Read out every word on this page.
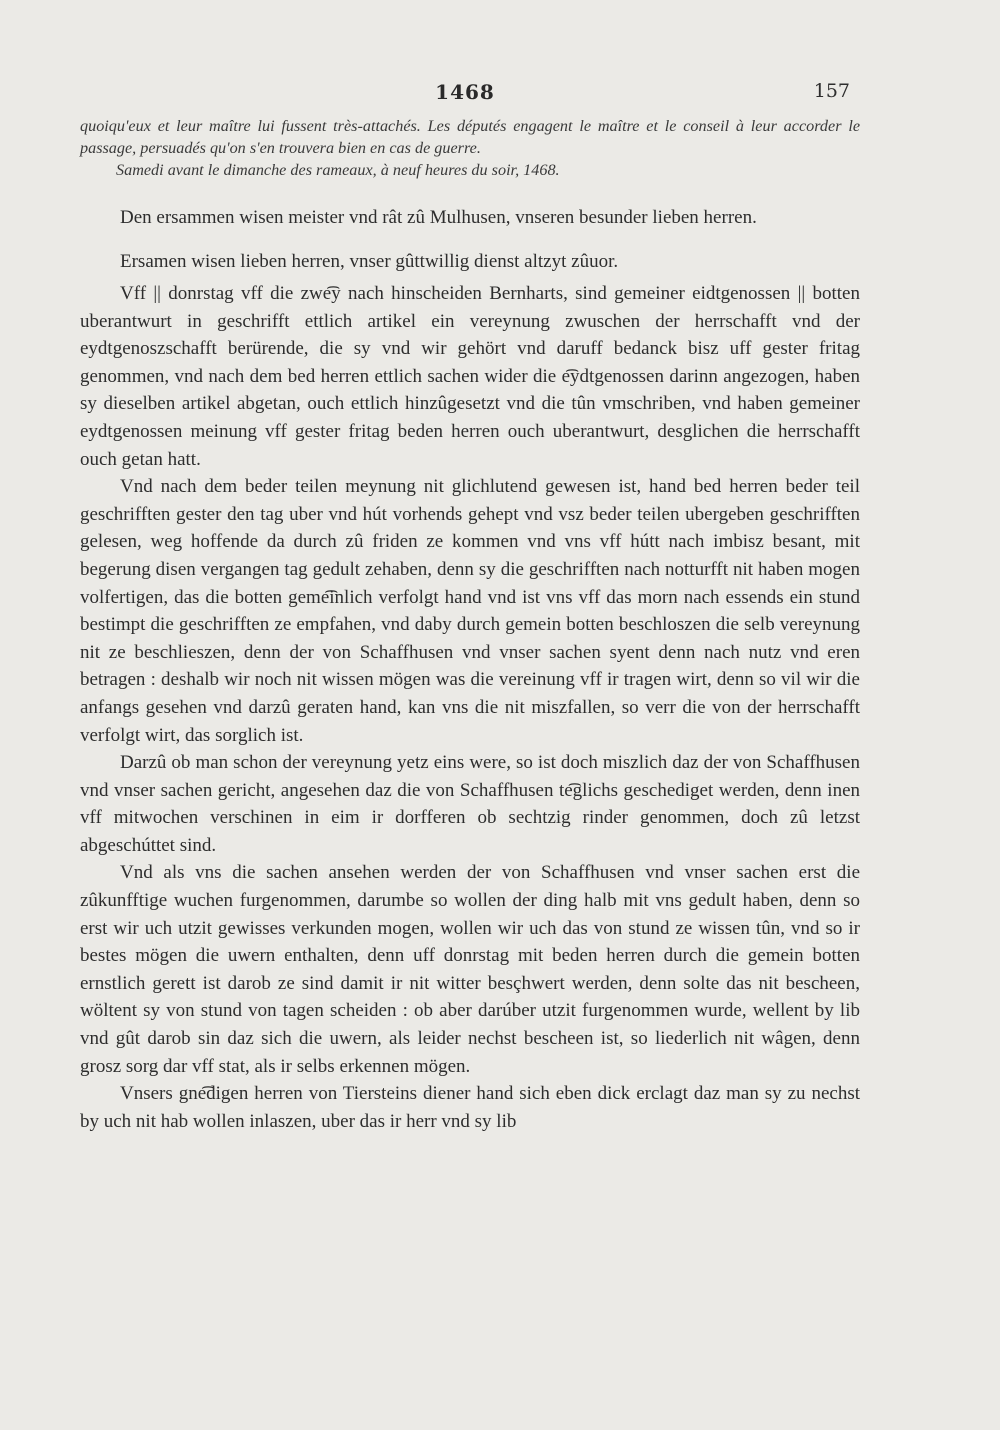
1468	157

quoiqu'eux et leur maître lui fussent très-attachés. Les députés engagent le maître et le conseil à leur accorder le passage, persuadés qu'on s'en trouvera bien en cas de guerre.

Samedi avant le dimanche des rameaux, à neuf heures du soir, 1468.

Den ersammen wisen meister vnd rât zû Mulhusen, vnseren besunder lieben herren.

Ersamen wisen lieben herren, vnser gûttwillig dienst altzyt zûuor.

Vff || donrstag vff die zwe͡y nach hinscheiden Bernharts, sind gemeiner eidtgenossen || botten uberantwurt in geschrifft ettlich artikel ein vereynung zwuschen der herrschafft vnd der eydtgenoszschafft berürende, die sy vnd wir gehört vnd daruff bedanck bisz uff gester fritag genommen, vnd nach dem bed herren ettlich sachen wider die e͡ydtgenossen darinn angezogen, haben sy dieselben artikel abgetan, ouch ettlich hinzûgesetzt vnd die tûn vmschriben, vnd haben gemeiner eydtgenossen meinung vff gester fritag beden herren ouch uberantwurt, desglichen die herrschafft ouch getan hatt.

Vnd nach dem beder teilen meynung nit glichlutend gewesen ist, hand bed herren beder teil geschrifften gester den tag uber vnd hút vorhends gehept vnd vsz beder teilen ubergeben geschrifften gelesen, weg hoffende da durch zû friden ze kommen vnd vns vff hútt nach imbisz besant, mit begerung disen vergangen tag gedult zehaben, denn sy die geschrifften nach notturfft nit haben mogen volfertigen, das die botten geme͡inlich verfolgt hand vnd ist vns vff das morn nach essends ein stund bestimpt die geschrifften ze empfahen, vnd daby durch gemein botten beschloszen die selb vereynung nit ze beschlieszen, denn der von Schaffhusen vnd vnser sachen syent denn nach nutz vnd eren betragen : deshalb wir noch nit wissen mögen was die vereinung vff ir tragen wirt, denn so vil wir die anfangs gesehen vnd darzû geraten hand, kan vns die nit miszfallen, so verr die von der herrschafft verfolgt wirt, das sorglich ist.

Darzû ob man schon der vereynung yetz eins were, so ist doch miszlich daz der von Schaffhusen vnd vnser sachen gericht, angesehen daz die von Schaffhusen te͡glichs geschediget werden, denn inen vff mitwochen verschinen in eim ir dorfferen ob sechtzig rinder genommen, doch zû letzst abgeschúttet sind.

Vnd als vns die sachen ansehen werden der von Schaffhusen vnd vnser sachen erst die zûkunfftige wuchen furgenommen, darumbe so wollen der ding halb mit vns gedult haben, denn so erst wir uch utzit gewisses verkunden mogen, wollen wir uch das von stund ze wissen tûn, vnd so ir bestes mögen die uwern enthalten, denn uff donrstag mit beden herren durch die gemein botten ernstlich gerett ist darob ze sind damit ir nit witter besçhwert werden, denn solte das nit bescheen, wöltent sy von stund von tagen scheiden : ob aber darúber utzit furgenommen wurde, wellent by lib vnd gût darob sin daz sich die uwern, als leider nechst bescheen ist, so liederlich nit wâgen, denn grosz sorg dar vff stat, als ir selbs erkennen mögen.

Vnsers gne͡digen herren von Tiersteins diener hand sich eben dick erclagt daz man sy zu nechst by uch nit hab wollen inlaszen, uber das ir herr vnd sy lib
